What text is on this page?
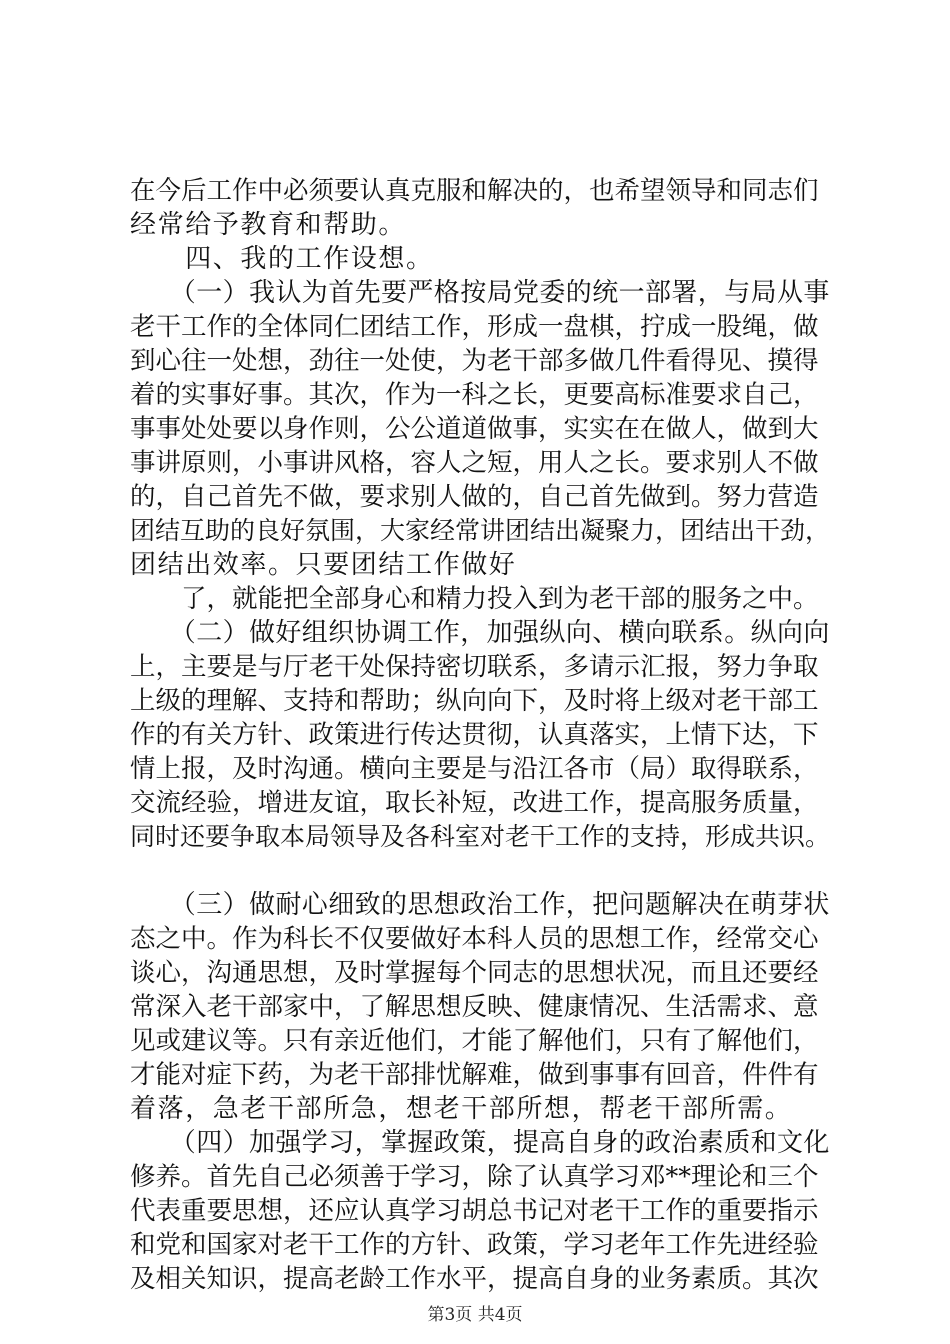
在今后工作中必须要认真克服和解决的，也希望领导和同志们
经常给予教育和帮助。
　　四、我的工作设想。
　　（一）我认为首先要严格按局党委的统一部署，与局从事
老干工作的全体同仁团结工作，形成一盘棋，拧成一股绳，做
到心往一处想，劲往一处使，为老干部多做几件看得见、摸得
着的实事好事。其次，作为一科之长，更要高标准要求自己，
事事处处要以身作则，公公道道做事，实实在在做人，做到大
事讲原则，小事讲风格，容人之短，用人之长。要求别人不做
的，自己首先不做，要求别人做的，自己首先做到。努力营造
团结互助的良好氛围，大家经常讲团结出凝聚力，团结出干劲，
团结出效率。只要团结工作做好
　　了，就能把全部身心和精力投入到为老干部的服务之中。
　　（二）做好组织协调工作，加强纵向、横向联系。纵向向
上，主要是与厅老干处保持密切联系，多请示汇报，努力争取
上级的理解、支持和帮助；纵向向下，及时将上级对老干部工
作的有关方针、政策进行传达贯彻，认真落实，上情下达，下
情上报，及时沟通。横向主要是与沿江各市（局）取得联系，
交流经验，增进友谊，取长补短，改进工作，提高服务质量，
同时还要争取本局领导及各科室对老干工作的支持，形成共识。
　　（三）做耐心细致的思想政治工作，把问题解决在萌芽状
态之中。作为科长不仅要做好本科人员的思想工作，经常交心
谈心，沟通思想，及时掌握每个同志的思想状况，而且还要经
常深入老干部家中，了解思想反映、健康情况、生活需求、意
见或建议等。只有亲近他们，才能了解他们，只有了解他们，
才能对症下药，为老干部排忧解难，做到事事有回音，件件有
着落，急老干部所急，想老干部所想，帮老干部所需。
　　（四）加强学习，掌握政策，提高自身的政治素质和文化
修养。首先自己必须善于学习，除了认真学习邓**理论和三个
代表重要思想，还应认真学习胡总书记对老干工作的重要指示
和党和国家对老干工作的方针、政策，学习老年工作先进经验
及相关知识，提高老龄工作水平，提高自身的业务素质。其次
第3页 共4页
